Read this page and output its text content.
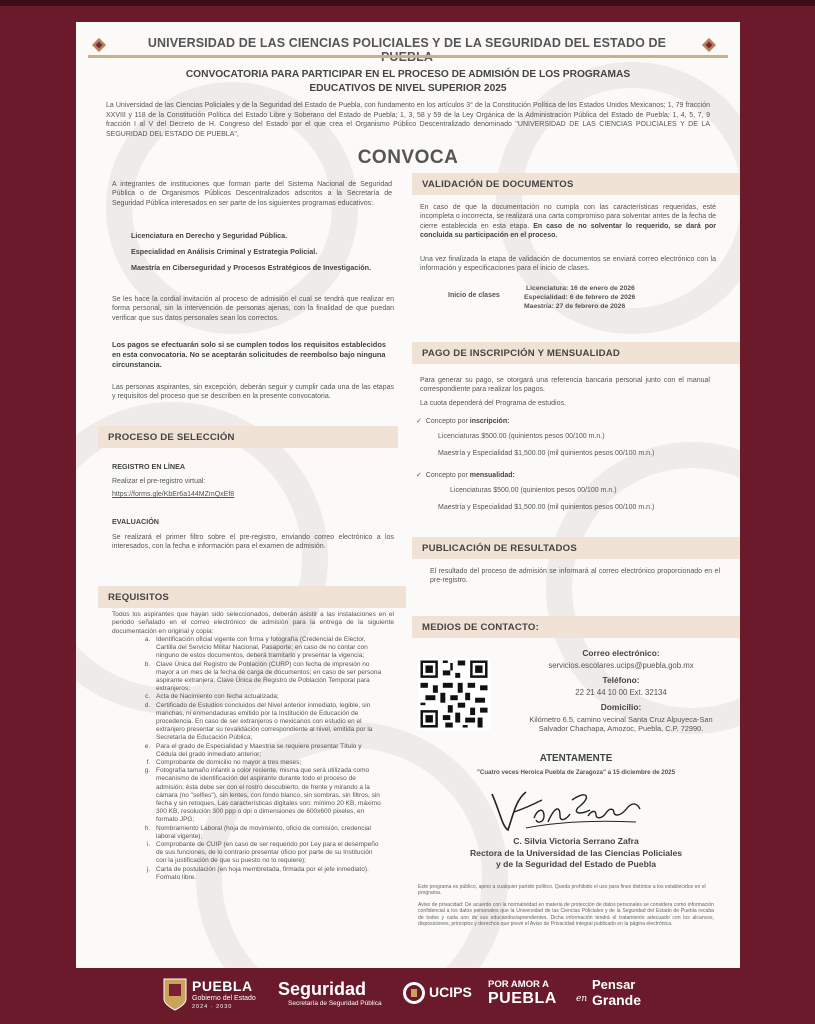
UNIVERSIDAD DE LAS CIENCIAS POLICIALES Y DE LA SEGURIDAD DEL ESTADO DE
CONVOCATORIA PARA PARTICIPAR EN EL PROCESO DE ADMISIÓN DE LOS PROGRAMAS
EDUCATIVOS DE NIVEL SUPERIOR 2025
La Universidad de las Ciencias Policiales y de la Seguridad del Estado de Puebla, con fundamento en los artículos 3° de la Constitución Política de los Estados Unidos Mexicanos; 1, 79 fracción XXVIII y 118 de la Constitución Política del Estado Libre y Soberano del Estado de Puebla; 1, 3, 58 y 59 de la Ley Orgánica de la Administración Pública del Estado de Puebla; 1, 4, 5, 7, 9 fracción I al V del Decreto de H. Congreso del Estado por el que crea el Organismo Público Descentralizado denominado "UNIVERSIDAD DE LAS CIENCIAS POLICIALES Y DE LA SEGURIDAD DEL ESTADO DE PUEBLA",
CONVOCA
A integrantes de instituciones que forman parte del Sistema Nacional de Seguridad Pública o de Organismos Públicos Descentralizados adscritos a la Secretaría de Seguridad Pública interesados en ser parte de los siguientes programas educativos:
Licenciatura en Derecho y Seguridad Pública.
Especialidad en Análisis Criminal y Estrategia Policial.
Maestría en Ciberseguridad y Procesos Estratégicos de Investigación.
Se les hace la cordial invitación al proceso de admisión el cual se tendrá que realizar en forma personal, sin la intervención de personas ajenas, con la finalidad de que puedan verificar que sus datos personales sean los correctos.
Los pagos se efectuarán solo si se cumplen todos los requisitos establecidos en esta convocatoria. No se aceptarán solicitudes de reembolso bajo ninguna circunstancia.
Las personas aspirantes, sin excepción, deberán seguir y cumplir cada una de las etapas y requisitos del proceso que se describen en la presente convocatoria.
PROCESO DE SELECCIÓN
REGISTRO EN LÍNEA
Realizar el pre-registro virtual:
https://forms.gle/KbEr6a144MZmQxEf8
EVALUACIÓN
Se realizará el primer filtro sobre el pre-registro, enviando correo electrónico a los interesados, con la fecha e información para el examen de admisión.
REQUISITOS
Todos los aspirantes que hayan sido seleccionados, deberán asistir a las instalaciones en el periodo señalado en el correo electrónico de admisión para la entrega de la siguiente documentación en original y copia:
a. Identificación oficial vigente con firma y fotografía (Credencial de Elector, Cartilla del Servicio Militar Nacional, Pasaporte; en caso de no contar con ninguno de estos documentos, deberá tramitarlo y presentar la vigencia;
b. Clave Única del Registro de Población (CURP) con fecha de impresión no mayor a un mes de la fecha de carga de documentos; en caso de ser persona aspirante extranjera: Clave Única de Registro de Población Temporal para extranjeros;
c. Acta de Nacimiento con fecha actualizada;
d. Certificado de Estudios concluidos del Nivel anterior inmediato, legible, sin manchas, ni enmendaduras emitido por la Institución de Educación de procedencia. En caso de ser extranjeros o mexicanos con estudio en el extranjero presentar su revalidación correspondiente al nivel, emitida por la Secretaría de Educación Pública;
e. Para el grado de Especialidad y Maestría se requiere presentar Título y Cédula del grado inmediato anterior;
f. Comprobante de domicilio no mayor a tres meses;
g. Fotografía tamaño infantil a color reciente, misma que será utilizada como mecanismo de identificación del aspirante durante todo el proceso de admisión; ésta debe ser con el rostro descubierto, de frente y mirando a la cámara (no "selfies"), sin lentes, con fondo blanco, sin sombras, sin filtros, sin fecha y sin retoques. Las características digitales son: mínimo 20 KB, máximo 300 KB, resolución 300 ppp o dpi o dimensiones de 600x600 pixeles, en formato JPG;
h. Nombramiento Laboral (hoja de movimiento, oficio de comisión, credencial laboral vigente);
i. Comprobante de CUIP (en caso de ser requerido por Ley para el desempeño de sus funciones, de lo contrario presentar oficio por parte de su Institución con la justificación de que su puesto no lo requiere);
j. Carta de postulación (en hoja membretada, firmada por el jefe inmediato). Formato libre.
VALIDACIÓN DE DOCUMENTOS
En caso de que la documentación no cumpla con las características requeridas, esté incompleta o incorrecta, se realizará una carta compromiso para solventar antes de la fecha de cierre establecida en esta etapa. En caso de no solventar lo requerido, se dará por concluida su participación en el proceso.
Una vez finalizada la etapa de validación de documentos se enviará correo electrónico con la información y especificaciones para el inicio de clases.
Inicio de clases
Licenciatura: 16 de enero de 2026
Especialidad: 6 de febrero de 2026
Maestría: 27 de febrero de 2026
PAGO DE INSCRIPCIÓN Y MENSUALIDAD
Para generar su pago, se otorgará una referencia bancaria personal junto con el manual correspondiente para realizar los pagos.
La cuota dependerá del Programa de estudios.
✓ Concepto por inscripción:
Licenciaturas $500.00 (quinientos pesos 00/100 m.n.)
Maestría y Especialidad $1,500.00 (mil quinientos pesos 00/100 m.n.)
✓ Concepto por mensualidad:
Licenciaturas $500.00 (quinientos pesos 00/100 m.n.)
Maestría y Especialidad $1,500.00 (mil quinientos pesos 00/100 m.n.)
PUBLICACIÓN DE RESULTADOS
El resultado del proceso de admisión se informará al correo electrónico proporcionado en el pre-registro.
MEDIOS DE CONTACTO:
Correo electrónico:
servicios.escolares.ucips@puebla.gob.mx
Teléfono:
22 21 44 10 00 Ext. 32134
Domicilio:
Kilómetro 6.5, camino vecinal Santa Cruz Alpuyeca-San Salvador Chachapa, Amozoc, Puebla, C.P. 72990.
ATENTAMENTE
"Cuatro veces Heroica Puebla de Zaragoza" a 15 diciembre de 2025
C. Silvia Victoria Serrano Zafra
Rectora de la Universidad de las Ciencias Policiales
y de la Seguridad del Estado de Puebla
Este programa es público, ajeno a cualquier partido político. Queda prohibido el uso para fines distintos a los establecidos en el programa.
Aviso de privacidad: De acuerdo con la normatividad en materia de protección de datos personales se considera como información confidencial a los datos personales que la Universidad de las Ciencias Policiales y de la Seguridad del Estado de Puebla recaba de todos y cada uno de sus educandos/aprendientes. Dicha información tendrá el tratamiento adecuado con los alcances, disposiciones, principios y derechos que prevé el Aviso de Privacidad integral publicado en la página electrónica.
PUEBLA
Gobierno del Estado
2024 · 2030
Seguridad
Secretaría de Seguridad Pública
UCIPS POR AMOR A
PUEBLA
Pensar
en Grande
